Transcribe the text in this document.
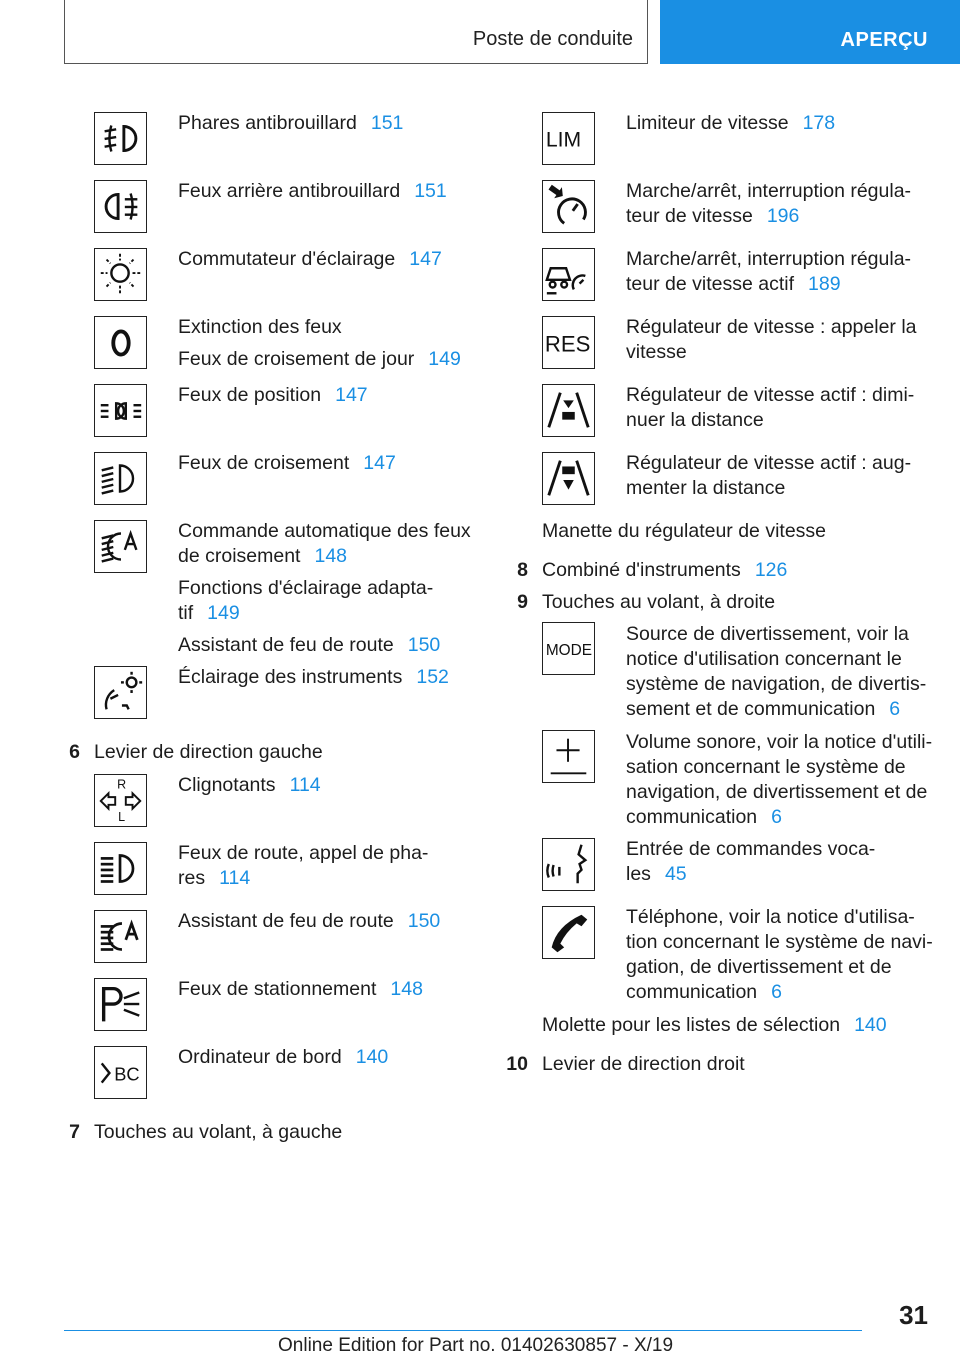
Poste de conduite	APERÇU
R
L
BC
Phares antibrouillard 151
Feux arrière antibrouillard 151
Commutateur d'éclairage 147
Extinction des feux
Feux de croisement de jour 149
Feux de position 147
Feux de croisement 147
Commande automatique des feux
de croisement 148
Fonctions d'éclairage adapta-
tif 149
Assistant de feu de route 150
Éclairage des instruments 152
6 Levier de direction gauche
Clignotants 114
Feux de route, appel de pha-
res 114
Assistant de feu de route 150
Feux de stationnement 148
Ordinateur de bord 140
7 Touches au volant, à gauche
LIM
RES
MODE
Limiteur de vitesse 178
Marche/arrêt, interruption régula-
teur de vitesse 196
Marche/arrêt, interruption régula-
teur de vitesse actif 189
Régulateur de vitesse : appeler la
vitesse
Régulateur de vitesse actif : dimi-
nuer la distance
Régulateur de vitesse actif : aug-
menter la distance
Manette du régulateur de vitesse
8 Combiné d'instruments 126
9 Touches au volant, à droite
Source de divertissement, voir la
notice d'utilisation concernant le
système de navigation, de divertis-
sement et de communication 6
Volume sonore, voir la notice d'utili-
sation concernant le système de
navigation, de divertissement et de
communication 6
Entrée de commandes voca-
les 45
Téléphone, voir la notice d'utilisa-
tion concernant le système de navi-
gation, de divertissement et de
communication 6
Molette pour les listes de sélection 140
10 Levier de direction droit
31
Online Edition for Part no. 01402630857 - X/19
